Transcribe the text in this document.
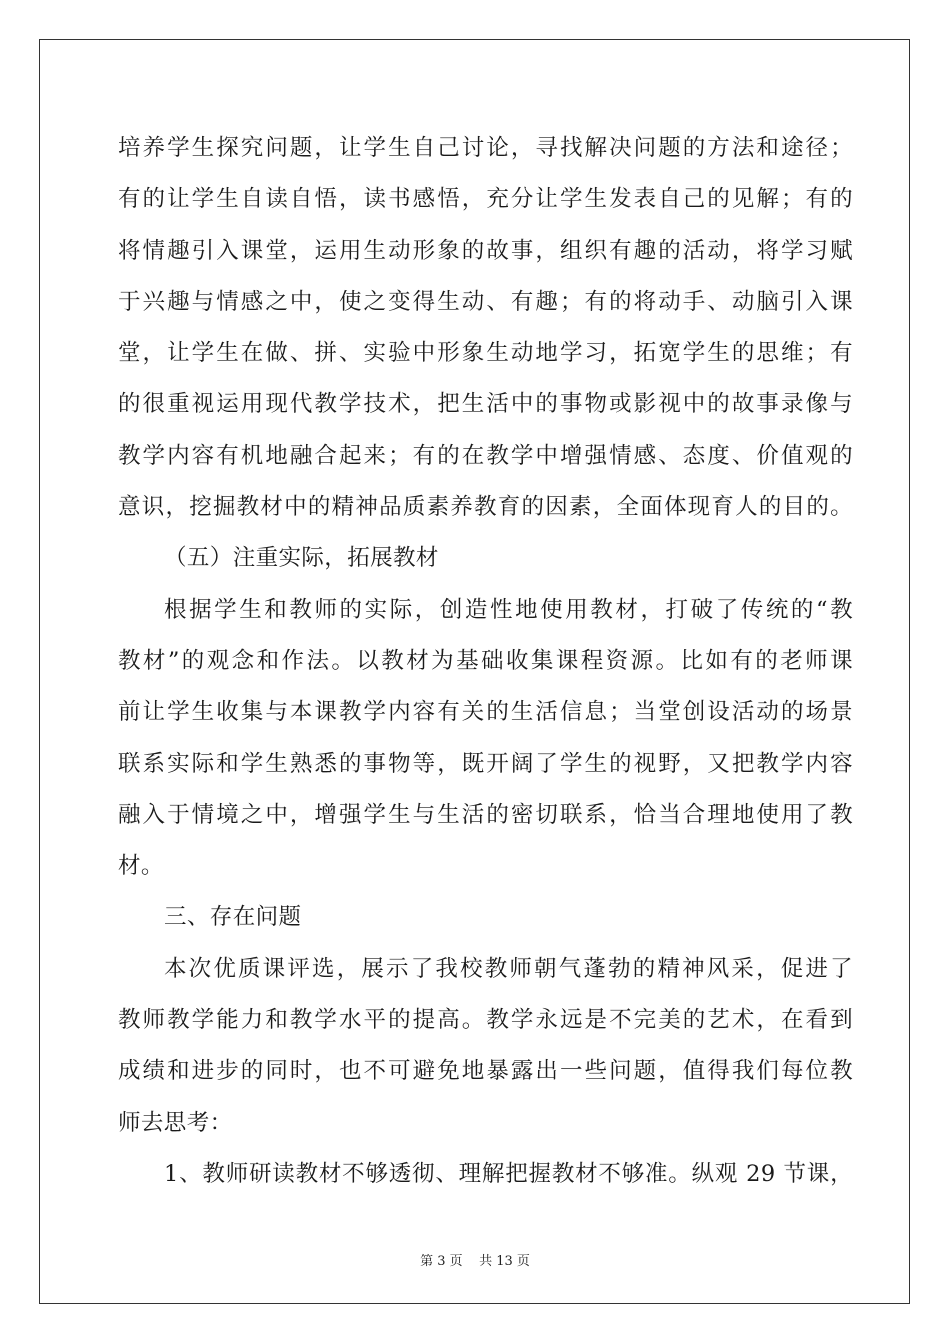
培养学生探究问题，让学生自己讨论，寻找解决问题的方法和途径；
有的让学生自读自悟，读书感悟，充分让学生发表自己的见解；有的
将情趣引入课堂，运用生动形象的故事，组织有趣的活动，将学习赋
于兴趣与情感之中，使之变得生动、有趣；有的将动手、动脑引入课
堂，让学生在做、拼、实验中形象生动地学习，拓宽学生的思维；有
的很重视运用现代教学技术，把生活中的事物或影视中的故事录像与
教学内容有机地融合起来；有的在教学中增强情感、态度、价值观的
意识，挖掘教材中的精神品质素养教育的因素，全面体现育人的目的。
（五）注重实际，拓展教材
根据学生和教师的实际，创造性地使用教材，打破了传统的“教
教材”的观念和作法。以教材为基础收集课程资源。比如有的老师课
前让学生收集与本课教学内容有关的生活信息；当堂创设活动的场景
联系实际和学生熟悉的事物等，既开阔了学生的视野，又把教学内容
融入于情境之中，增强学生与生活的密切联系，恰当合理地使用了教
材。
三、存在问题
本次优质课评选，展示了我校教师朝气蓬勃的精神风采，促进了
教师教学能力和教学水平的提高。教学永远是不完美的艺术，在看到
成绩和进步的同时，也不可避免地暴露出一些问题，值得我们每位教
师去思考：
1、教师研读教材不够透彻、理解把握教材不够准。纵观 29 节课，
第 3 页    共 13 页
